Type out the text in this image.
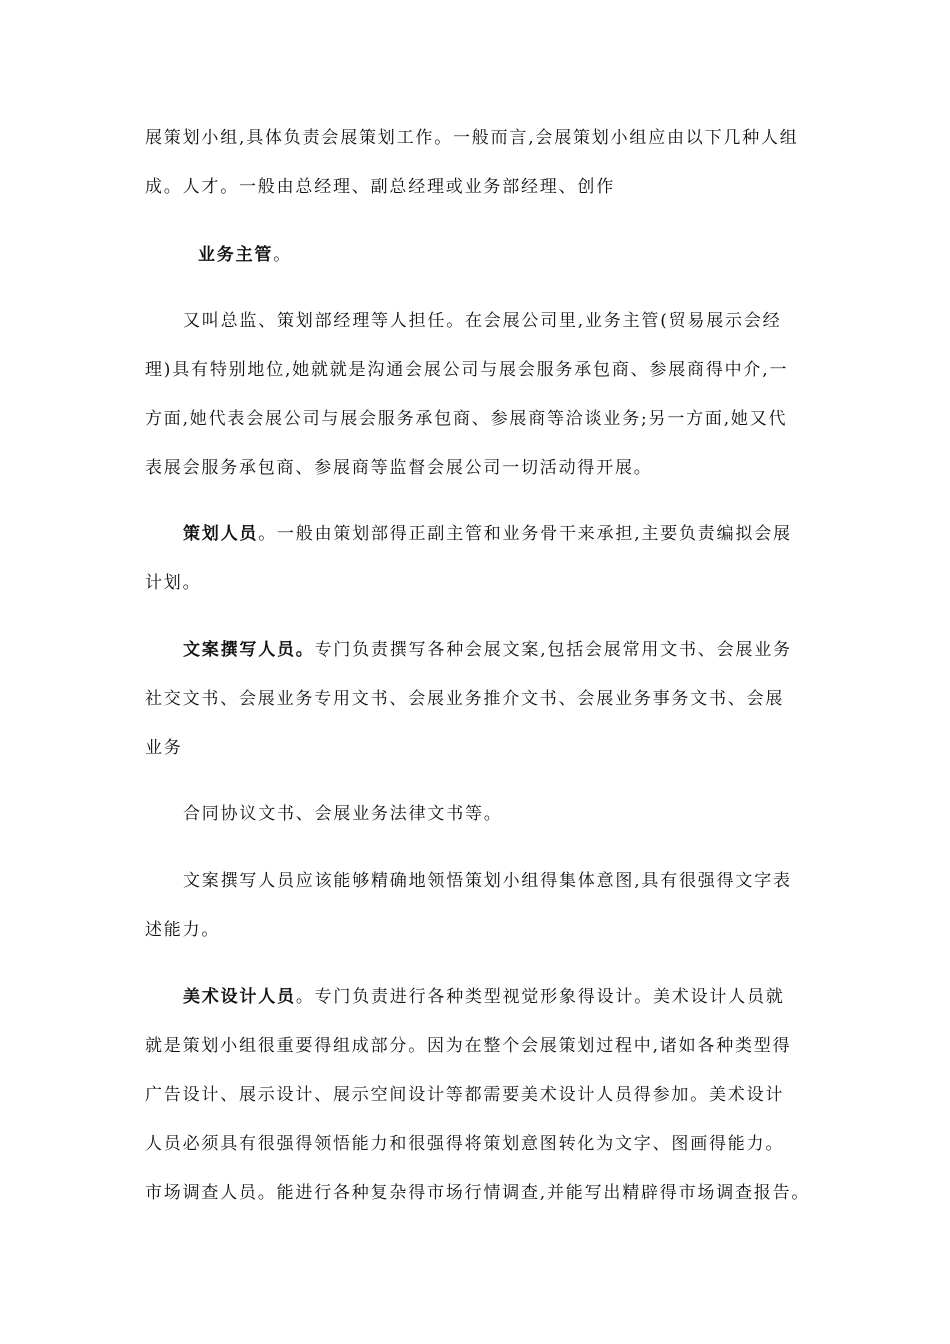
展策划小组,具体负责会展策划工作。一般而言,会展策划小组应由以下几种人组
成。人才。一般由总经理、副总经理或业务部经理、创作
业务主管。
又叫总监、策划部经理等人担任。在会展公司里,业务主管(贸易展示会经
理)具有特别地位,她就就是沟通会展公司与展会服务承包商、参展商得中介,一
方面,她代表会展公司与展会服务承包商、参展商等洽谈业务;另一方面,她又代
表展会服务承包商、参展商等监督会展公司一切活动得开展。
策划人员。一般由策划部得正副主管和业务骨干来承担,主要负责编拟会展
计划。
文案撰写人员。专门负责撰写各种会展文案,包括会展常用文书、会展业务
社交文书、会展业务专用文书、会展业务推介文书、会展业务事务文书、会展
业务
合同协议文书、会展业务法律文书等。
文案撰写人员应该能够精确地领悟策划小组得集体意图,具有很强得文字表
述能力。
美术设计人员。专门负责进行各种类型视觉形象得设计。美术设计人员就
就是策划小组很重要得组成部分。因为在整个会展策划过程中,诸如各种类型得
广告设计、展示设计、展示空间设计等都需要美术设计人员得参加。美术设计
人员必须具有很强得领悟能力和很强得将策划意图转化为文字、图画得能力。
市场调查人员。能进行各种复杂得市场行情调查,并能写出精辟得市场调查报告。
